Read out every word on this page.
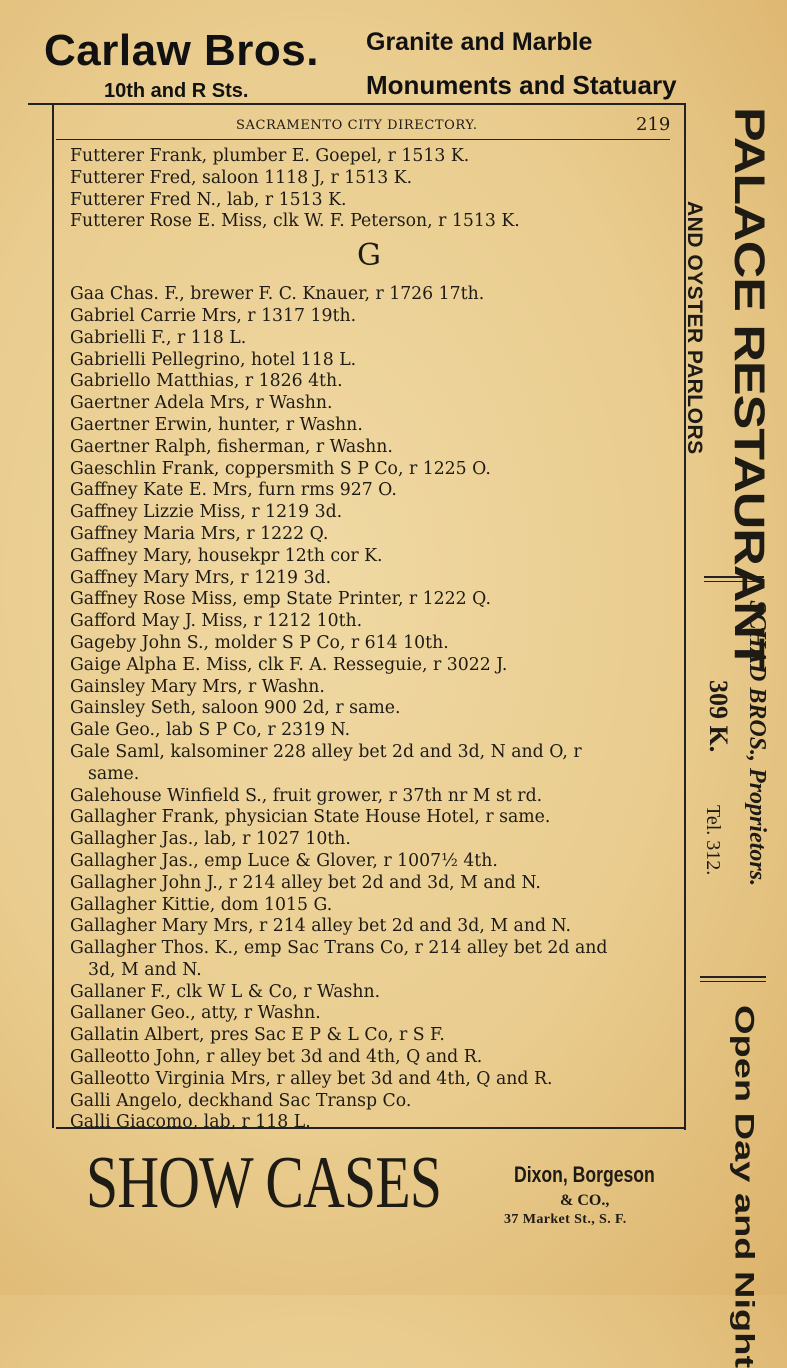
Carlaw Bros.
10th and R Sts.
Granite and Marble
Monuments and Statuary
SACRAMENTO CITY DIRECTORY.	219
Futterer Frank, plumber E. Goepel, r 1513 K.
Futterer Fred, saloon 1118 J, r 1513 K.
Futterer Fred N., lab, r 1513 K.
Futterer Rose E. Miss, clk W. F. Peterson, r 1513 K.
G
Gaa Chas. F., brewer F. C. Knauer, r 1726 17th.
Gabriel Carrie Mrs, r 1317 19th.
Gabrielli F., r 118 L.
Gabrielli Pellegrino, hotel 118 L.
Gabriello Matthias, r 1826 4th.
Gaertner Adela Mrs, r Washn.
Gaertner Erwin, hunter, r Washn.
Gaertner Ralph, fisherman, r Washn.
Gaeschlin Frank, coppersmith S P Co, r 1225 O.
Gaffney Kate E. Mrs, furn rms 927 O.
Gaffney Lizzie Miss, r 1219 3d.
Gaffney Maria Mrs, r 1222 Q.
Gaffney Mary, housekpr 12th cor K.
Gaffney Mary Mrs, r 1219 3d.
Gaffney Rose Miss, emp State Printer, r 1222 Q.
Gafford May J. Miss, r 1212 10th.
Gageby John S., molder S P Co, r 614 10th.
Gaige Alpha E. Miss, clk F. A. Resseguie, r 3022 J.
Gainsley Mary Mrs, r Washn.
Gainsley Seth, saloon 900 2d, r same.
Gale Geo., lab S P Co, r 2319 N.
Gale Saml, kalsominer 228 alley bet 2d and 3d, N and O, r
same.
Galehouse Winfield S., fruit grower, r 37th nr M st rd.
Gallagher Frank, physician State House Hotel, r same.
Gallagher Jas., lab, r 1027 10th.
Gallagher Jas., emp Luce & Glover, r 1007½ 4th.
Gallagher John J., r 214 alley bet 2d and 3d, M and N.
Gallagher Kittie, dom 1015 G.
Gallagher Mary Mrs, r 214 alley bet 2d and 3d, M and N.
Gallagher Thos. K., emp Sac Trans Co, r 214 alley bet 2d and
3d, M and N.
Gallaner F., clk W L & Co, r Washn.
Gallaner Geo., atty, r Washn.
Gallatin Albert, pres Sac E P & L Co, r S F.
Galleotto John, r alley bet 3d and 4th, Q and R.
Galleotto Virginia Mrs, r alley bet 3d and 4th, Q and R.
Galli Angelo, deckhand Sac Transp Co.
Galli Giacomo, lab, r 118 L.
PALACE RESTAURANT
AND OYSTER PARLORS
SCHAD BROS., Proprietors.
309 K.
Tel. 312.
Open Day and Night
SHOW CASES	Dixon, Borgeson
& CO.,
37 Market St., S. F.
